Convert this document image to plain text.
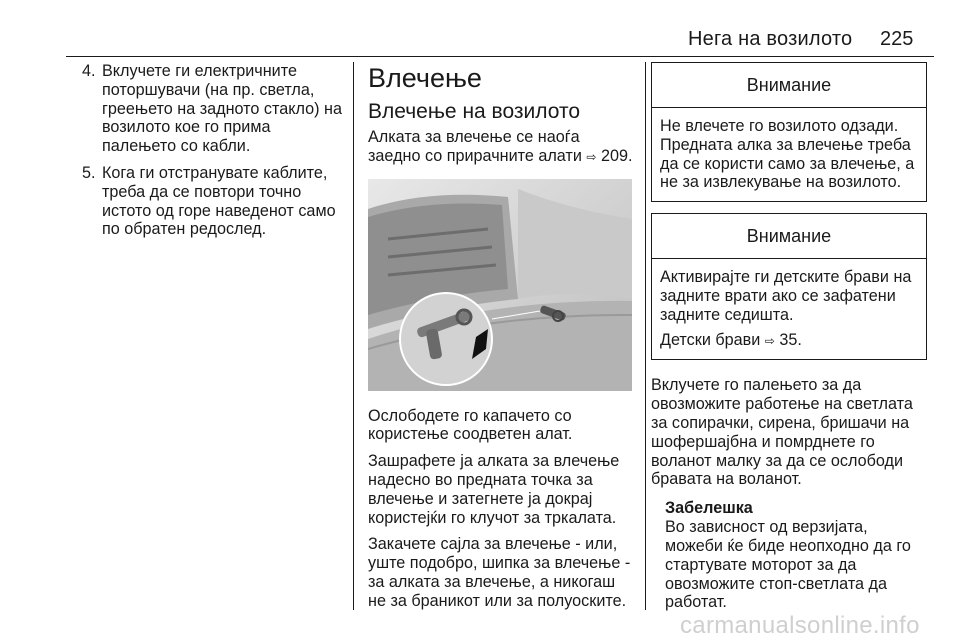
Нега на возилото 225
4. Вклучете ги електричните поторшувачи (на пр. светла, греењето на задното стакло) на возилото кое го прима палењето со кабли.
5. Кога ги отстранувате каблите, треба да се повтори точно истото од горе наведенот само по обратен редослед.
Влечење
Влечење на возилото

Алката за влечење се наоѓа заедно со прирачните алати ⇨ 209.

Ослободете го капачето со користење соодветен алат.

Зашрафете ја алката за влечење надесно во предната точка за влечење и затегнете ја докрај користејќи го клучот за тркалата.

Закачете сајла за влечење - или, уште подобро, шипка за влечење - за алката за влечење, а никогаш не за браникот или за полуоските.

Внимание
Не влечете го возилото одзади. Предната алка за влечење треба да се користи само за влечење, а не за извлекување на возилото.
Внимание
Активирајте ги детските брави на задните врати ако се зафатени задните седишта.
Детски брави ⇨ 35.

Вклучете го палењето за да овозможите работење на светлата за сопирачки, сирена, бришачи на шофершајбна и помрднете го воланот малку за да се ослободи бравата на воланот.

Забелешка
Во зависност од верзијата, можеби ќе биде неопходно да го стартувате моторот за да овозможите стоп-светлата да работат.
carmanualsonline.info
